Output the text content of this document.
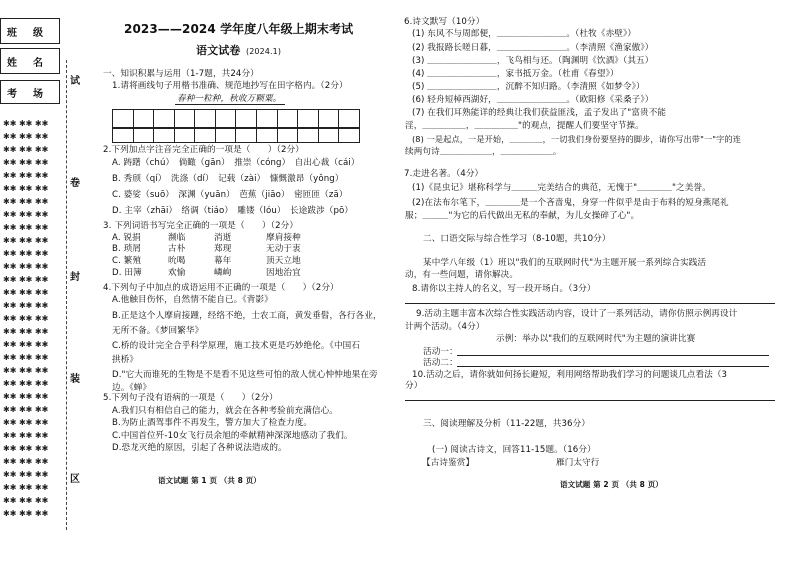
班 级
姓 名
考 场
✱✱ ✱✱ ✱✱
✱✱ ✱✱ ✱✱
✱✱ ✱✱ ✱✱
✱✱ ✱✱ ✱✱
✱✱ ✱✱ ✱✱
✱✱ ✱✱ ✱✱
✱✱ ✱✱ ✱✱
✱✱ ✱✱ ✱✱
✱✱ ✱✱ ✱✱
✱✱ ✱✱ ✱✱
✱✱ ✱✱ ✱✱
✱✱ ✱✱ ✱✱
✱✱ ✱✱ ✱✱
✱✱ ✱✱ ✱✱
✱✱ ✱✱ ✱✱
✱✱ ✱✱ ✱✱
✱✱ ✱✱ ✱✱
✱✱ ✱✱ ✱✱
✱✱ ✱✱ ✱✱
✱✱ ✱✱ ✱✱
✱✱ ✱✱ ✱✱
✱✱ ✱✱ ✱✱
✱✱ ✱✱ ✱✱
✱✱ ✱✱ ✱✱
✱✱ ✱✱ ✱✱
✱✱ ✱✱ ✱✱
✱✱ ✱✱ ✱✱
✱✱ ✱✱ ✱✱
✱✱ ✱✱ ✱✱
✱✱ ✱✱ ✱✱
✱✱ ✱✱ ✱✱
试
卷
封
装
区
2023——2024 学年度八年级上期末考试
语文试卷 (2024.1)
一、知识积累与运用（1-7题，共24分）
1.请将画线句子用楷书准确、规范地抄写在田字格内。（2分）
春种一粒种，秋收万颗粟。
2.下列加点字注音完全正确的一项是（　　）（2分）
A. 踌躇（chú）　倘瞰（gān）　推崇（cóng）　自出心裁（cái）
B. 秀颀（qí）　洗涤（dí）　记载（zài）　慷慨激昂（yǒng）
C. 婆娑（suō）　深渊（yuān）　芭蕉（jiāo）　密匝匝（zā）
D. 主宰（zhāi）　络调（tiáo）　雕镂（lóu）　长途跋涉（pō）
3. 下列词语书写完全正确的一项是（　　）（2分）
A. 锐捐	濒临	消逝	摩肩接种
B. 琐屑	古朴	郑现	无动于衷
C. 繁殖	吮喝	幕年	顶天立地
D. 田簿	欢愉	嶙峋	因地治宜
4.下列句子中加点的成语运用不正确的一项是（　　）（2分）
A.他触目伤怀，自然情不能自已。《背影》
B.正是这个人摩肩接踵，经络不绝，士农工商，黄发垂髫，各行各业，
无所不备。《梦回繁华》
C.桥的设计完全合乎科学原理，施工技术更是巧妙绝伦。《中国石
拱桥》
D."它大而谁死的生物是不是看不见这些可怕的敌人忧心忡忡地果在旁
边。《蝉》
5.下列句子没有语病的一项是（　　）（2分）
A.我们只有相信自己的能力，就会在各种考验前充满信心。
B.为防止酒驾事件不再发生，警方加大了检查力度。
C.中国首位歼-10女飞行员余旭的牵献精神深深地感动了我们。
D.恐龙灭绝的原因，引起了各种说法造成的。
语文试题 第 1 页 （共 8 页）
6.诗文默写（10分）
(1) 东风不与周郎便，＿＿＿＿＿＿＿＿。（杜牧《赤壁》）
(2) 我报路长嗟日暮，＿＿＿＿＿＿＿＿。（李清照《渔家傲》）
(3) ＿＿＿＿＿＿＿＿，飞鸟相与还。（陶渊明《饮酒》（其五）
(4) ＿＿＿＿＿＿＿＿，家书抵万金。（杜甫《春望》）
(5) ＿＿＿＿＿＿＿＿，沉醉不知归路。（李清照《如梦令》）
(6) 轻舟短棹西湖好，＿＿＿＿＿＿＿＿。（欧阳修《采桑子》）
(7) 在我们耳熟能详的经典让我们获益匪浅，孟子发出了"富贵不能
淫，＿＿＿＿＿，＿＿＿＿＿"的观点，提醒人们要坚守节操。
(8) 一是起点，一是开始，＿＿＿＿，一切我们身份要坚持的脚步，请你写出带"一"字的连
续两句诗＿＿＿＿＿＿，＿＿＿＿＿＿。
7.走进名著。（4分）
(1)《昆虫记》堪称科学与＿＿＿完美结合的典范，无愧于"＿＿＿＿"之美誉。
(2)在法布尔笔下，＿＿＿＿是一个吝啬鬼，身穿一件似乎是由于布料的短身燕尾礼
服；＿＿＿"为它的后代做出无私的奉献，为儿女操碎了心"。
二、口语交际与综合性学习（8-10题，共10分）
某中学八年级（1）班以"我们的互联网时代"为主题开展一系列综合实践活
动，有一些问题，请你解决。
8.请你以主持人的名义，写一段开场白。（3分）
9.活动主题丰富本次综合性实践活动内容，设计了一系列活动，请你仿照示例再设计
计两个活动。（4分）
示例：举办以"我们的互联网时代"为主题的演讲比赛
活动一：
活动二：
10.活动之后，请你就如何扬长避短，利用网络帮助我们学习的问题谈几点看法（3
分）
三、阅读理解及分析（11-22题，共36分）
(一) 阅读古诗文，回答11-15题。（16分）
【古诗鉴赏】	雁门太守行
语文试题 第 2 页 （共 8 页）
